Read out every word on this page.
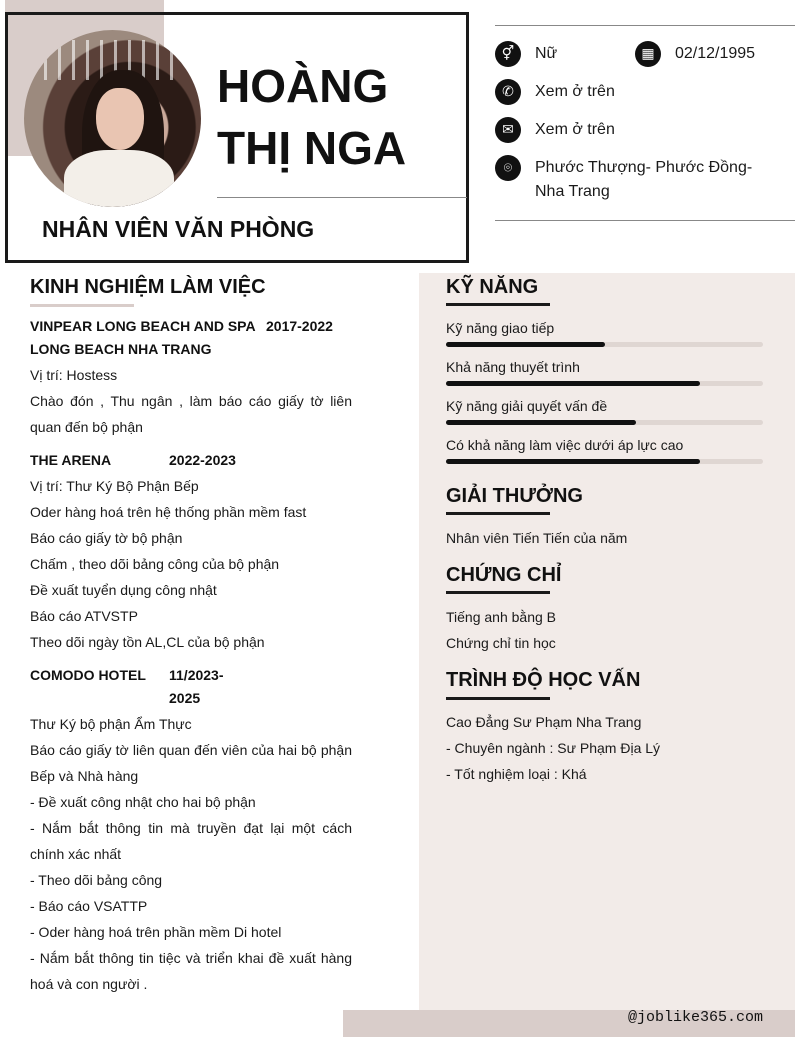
HOÀNG
THỊ NGA
NHÂN VIÊN VĂN PHÒNG
⚥	Nữ	▦	02/12/1995
✆	Xem ở trên
✉	Xem ở trên
⌾	Phước Thượng- Phước Đồng- Nha Trang
KỸ NĂNG
Kỹ năng giao tiếp
Khả năng thuyết trình
Kỹ năng giải quyết vấn đề
Có khả năng làm việc dưới áp lực cao
GIẢI THƯỞNG
Nhân viên Tiến Tiến của năm
CHỨNG CHỈ
Tiếng anh bằng B
Chứng chỉ tin học
TRÌNH ĐỘ HỌC VẤN
Cao Đẳng Sư Phạm Nha Trang
- Chuyên ngành : Sư Phạm Địa Lý
- Tốt nghiệm loại : Khá
KINH NGHIỆM LÀM VIỆC
VINPEAR LONG BEACH AND SPA
LONG BEACH NHA TRANG
2017-2022
Vị trí: Hostess
Chào đón , Thu ngân , làm báo cáo giấy tờ liên quan đến bộ phận
THE ARENA	2022-2023
Vị trí: Thư Ký Bộ Phận Bếp
Oder hàng hoá trên hệ thống phần mềm fast
Báo cáo giấy tờ bộ phận
Chấm , theo dõi bảng công của bộ phận
Đề xuất tuyển dụng công nhật
Báo cáo ATVSTP
Theo dõi ngày tồn AL,CL của bộ phận
COMODO HOTEL 11/2023-
2025
Thư Ký bộ phận Ẩm Thực
Báo cáo giấy tờ liên quan đến viên của hai bộ phận Bếp và Nhà hàng
- Đề xuất công nhật cho hai bộ phận
- Nắm bắt thông tin mà truyền đạt lại một cách chính xác nhất
- Theo dõi bảng công
- Báo cáo VSATTP
- Oder hàng hoá trên phần mềm Di hotel
- Nắm bắt thông tin tiệc và triển khai đề xuất hàng hoá và con người .
@joblike365.com
